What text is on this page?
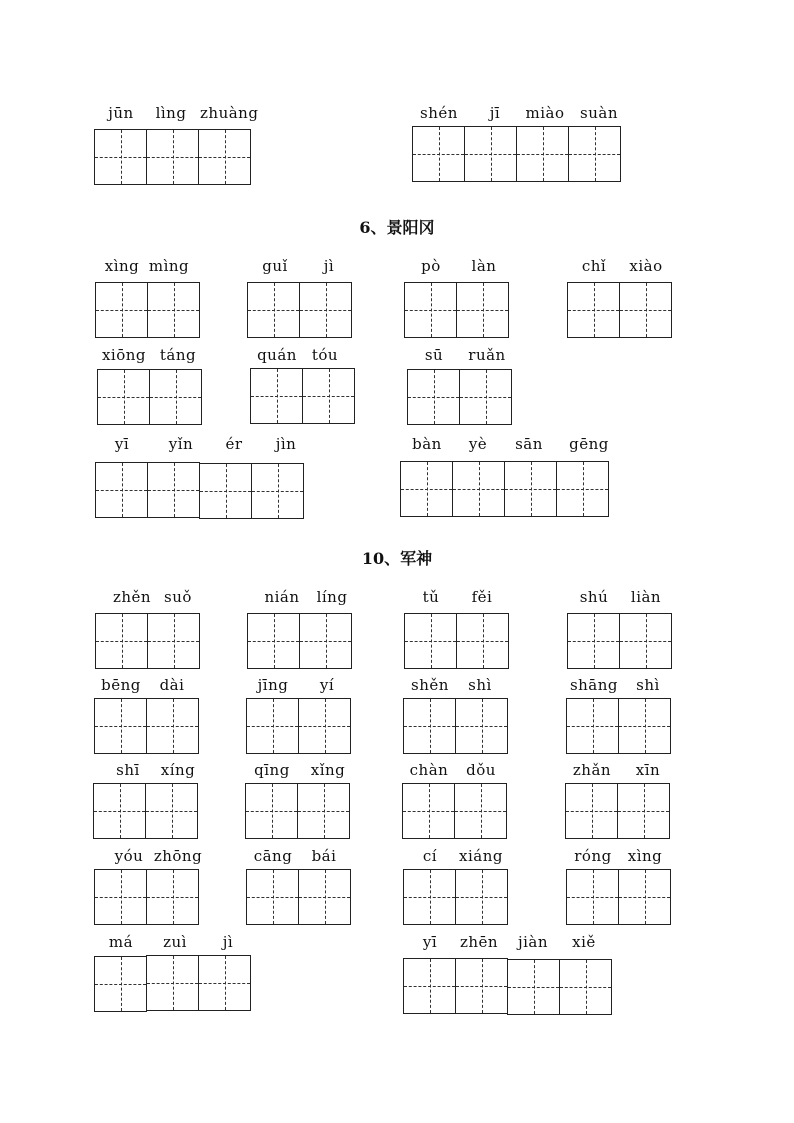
jūn

	lìng

zhuàng

	shén

	jī

	miào

	suàn

6、景阳冈

xìng

mìng

	guǐ

	jì

	pò

	làn

	chǐ

	xiào

xiōng

táng

	quán

tóu

	sū

	ruǎn

yī

	yǐn

	ér

	jìn

	bàn

	yè

	sān

	gēng

10、军神

zhěn

suǒ

	nián

	líng

	tǔ

	fěi

	shú

	liàn

bēng

	dài

	jīng

	yí

	shěn

	shì

	shāng

	shì

shī

	xíng

	qīng

	xǐng

	chàn

	dǒu

	zhǎn

	xīn

yóu

zhōng

	cāng

	bái

	cí

	xiáng

	róng

	xìng

má

	zuì

	jì

	yī

	zhēn

	jiàn

	xiě
